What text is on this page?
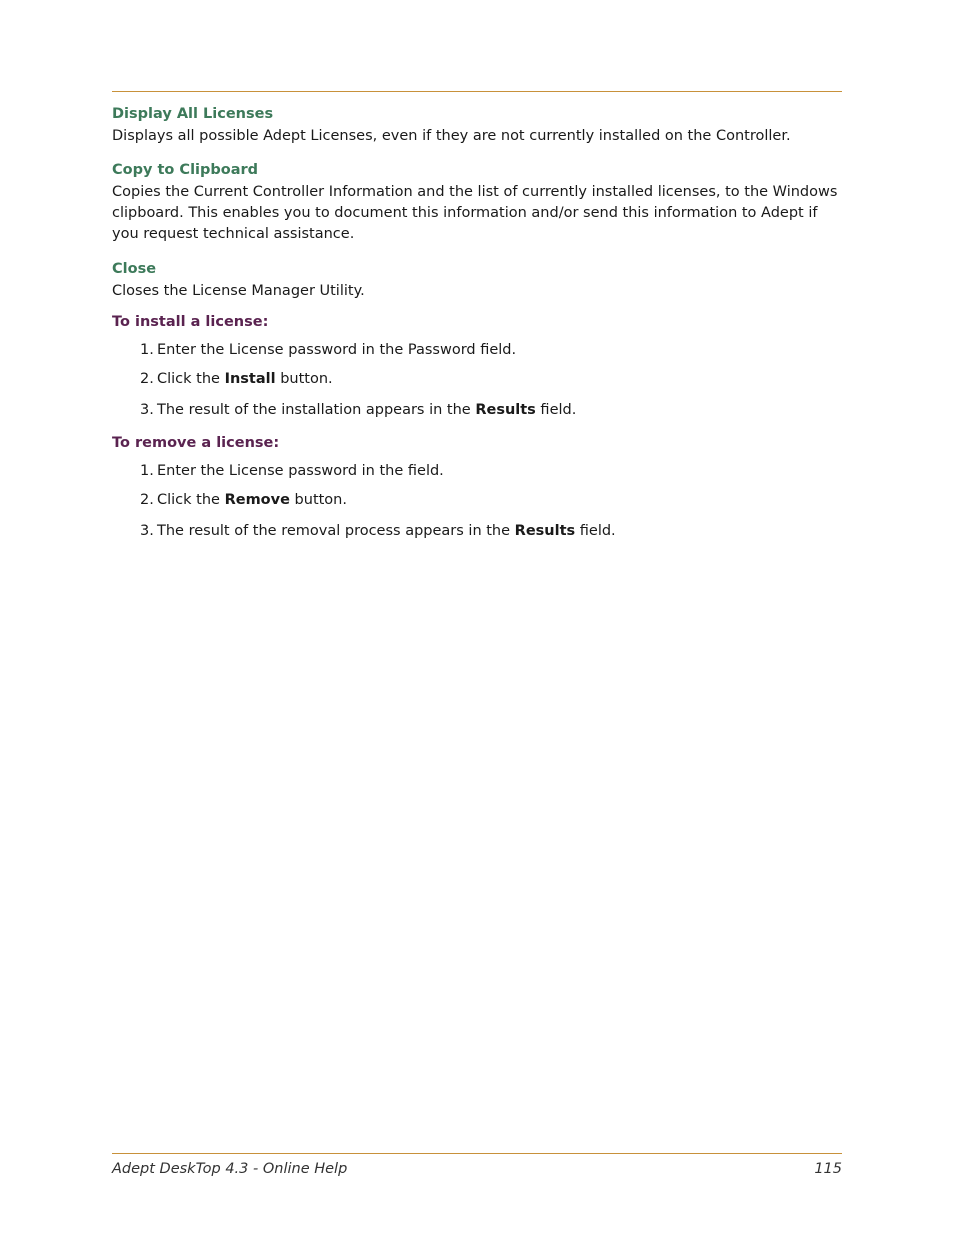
Display All Licenses

Displays all possible Adept Licenses, even if they are not currently installed on the Controller.

Copy to Clipboard

Copies the Current Controller Information and the list of currently installed licenses, to the Windows clipboard. This enables you to document this information and/or send this information to Adept if you request technical assistance.

Close

Closes the License Manager Utility.

To install a license:

1. Enter the License password in the Password field.
2. Click the Install button.
3. The result of the installation appears in the Results field.

To remove a license:

1. Enter the License password in the field.
2. Click the Remove button.
3. The result of the removal process appears in the Results field.
Adept DeskTop 4.3 - Online Help	115
